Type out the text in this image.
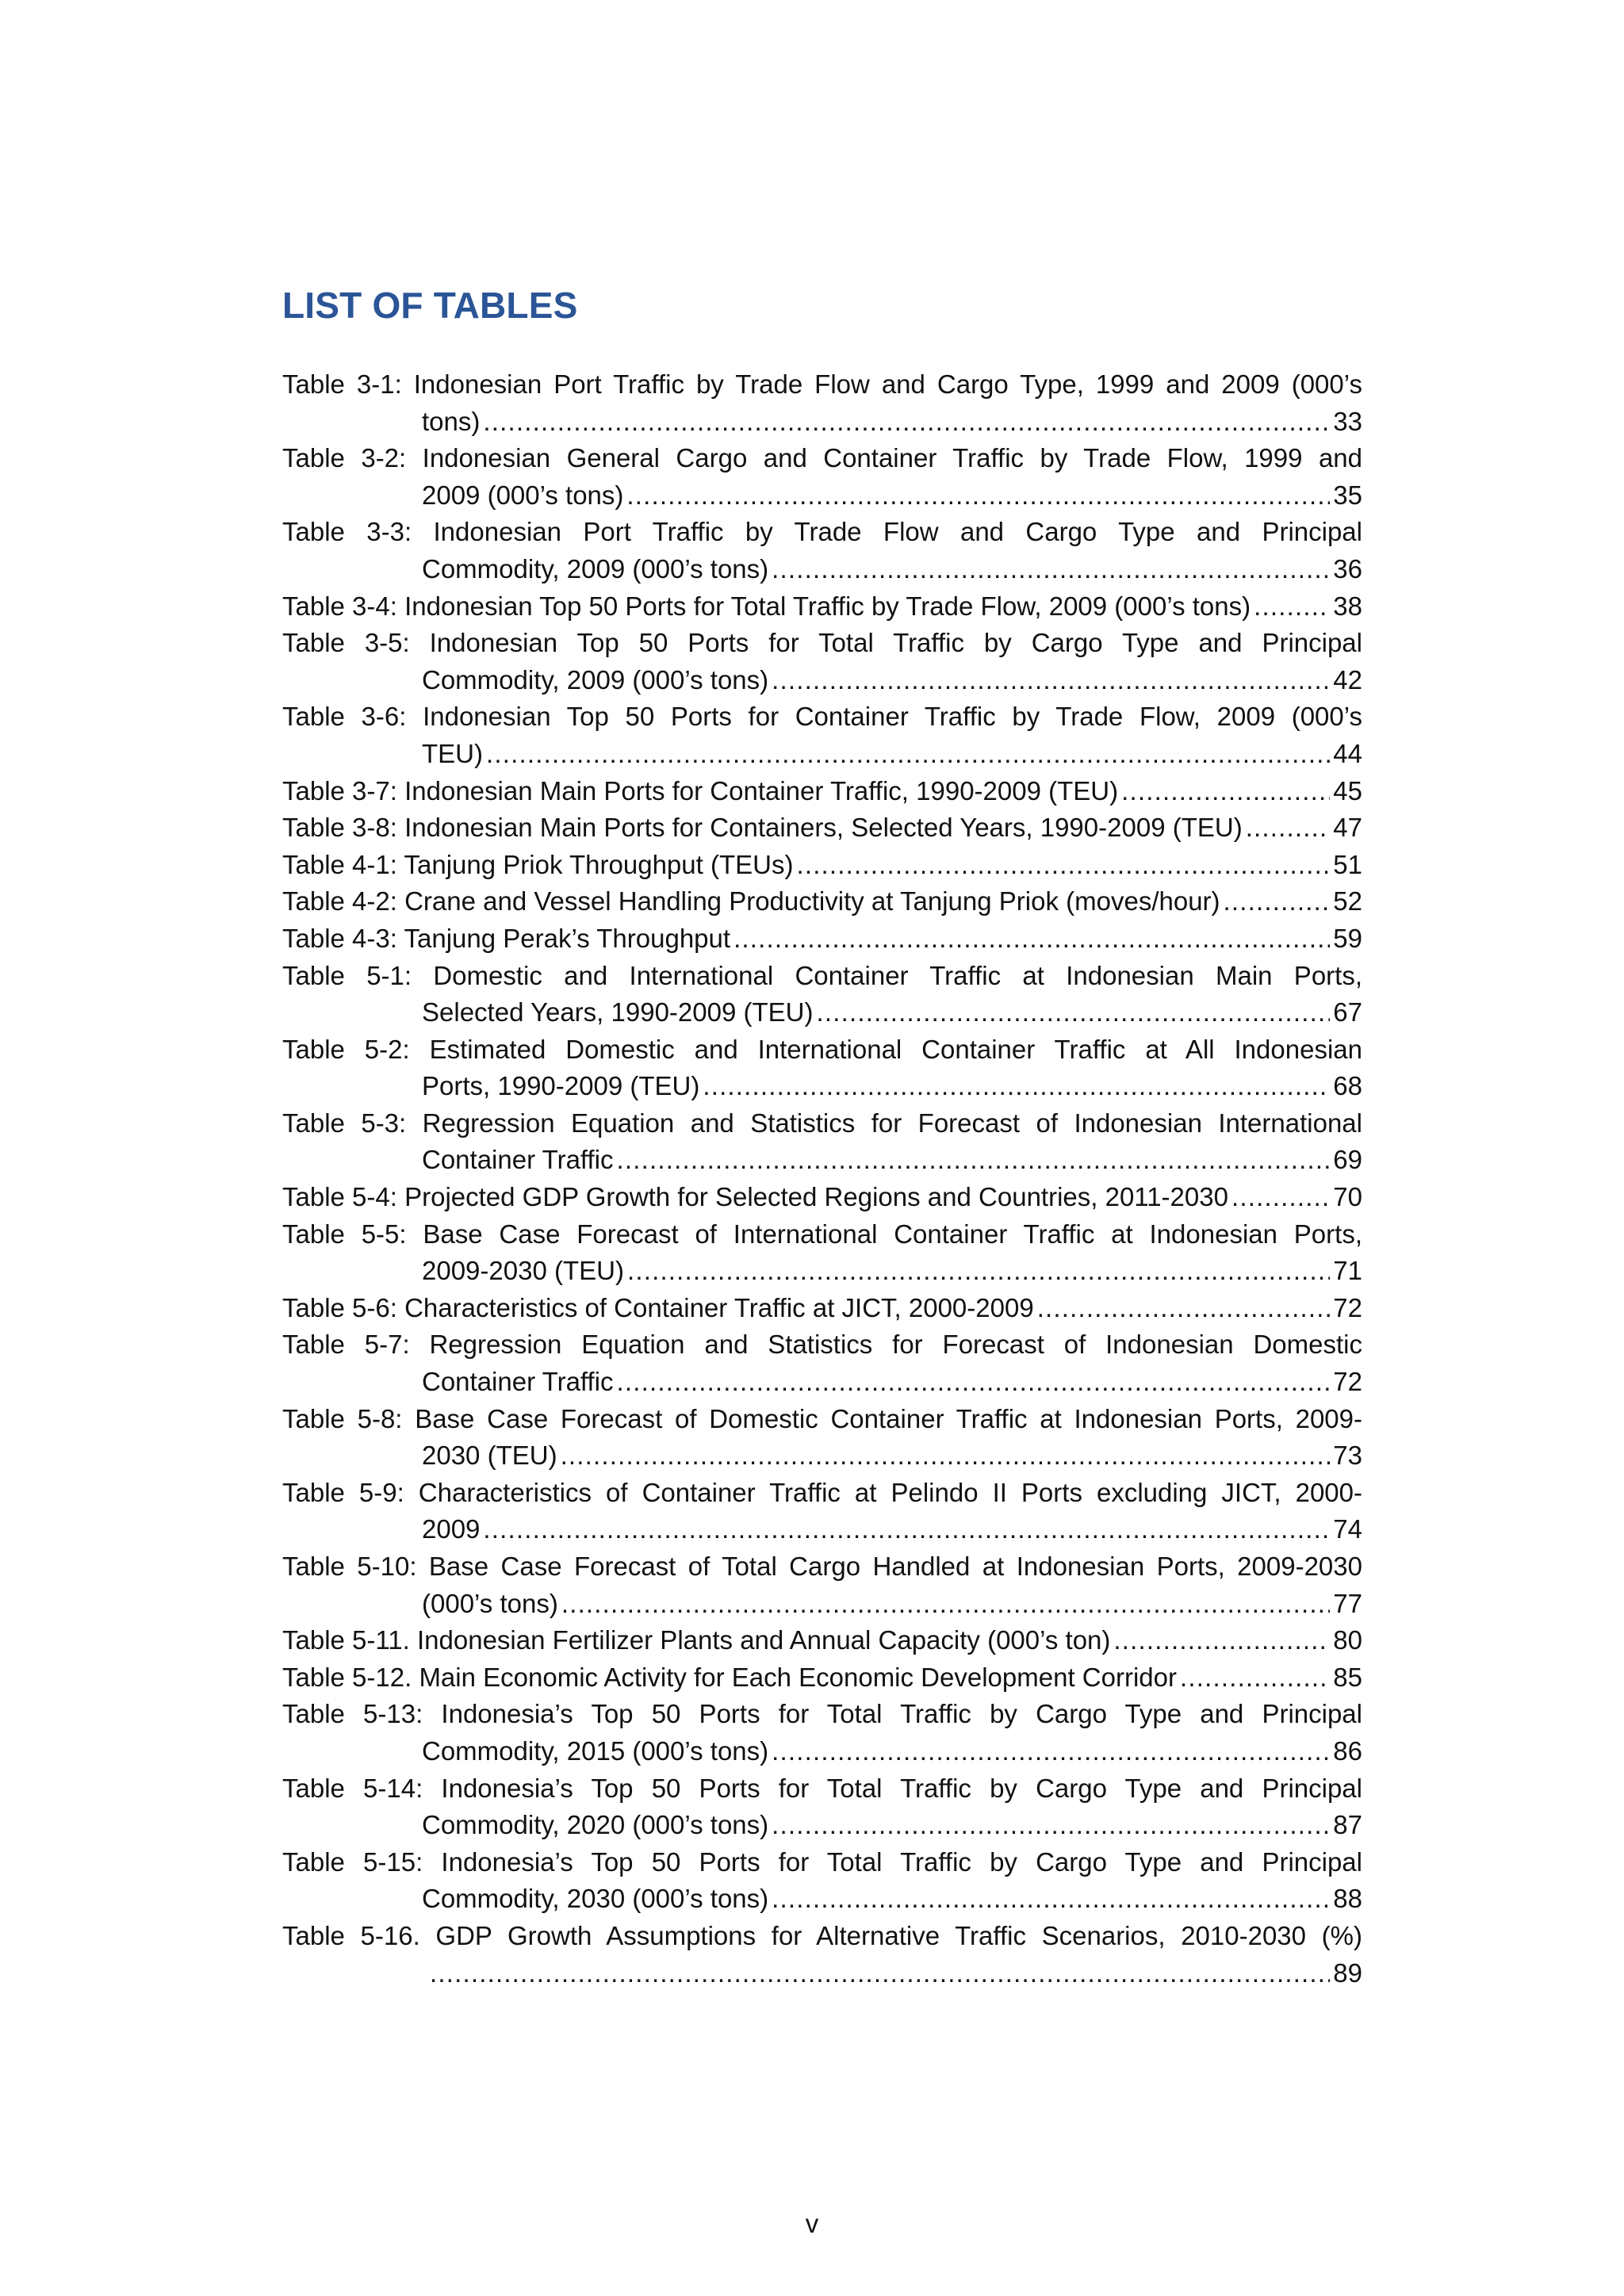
LIST OF TABLES
Table 3-1: Indonesian Port Traffic by Trade Flow and Cargo Type, 1999 and 2009 (000’s
tons) .....	33
Table 3-2: Indonesian General Cargo and Container Traffic by Trade Flow, 1999 and
2009 (000’s tons) .....	35
Table 3-3: Indonesian Port Traffic by Trade Flow and Cargo Type and Principal
Commodity, 2009 (000’s tons) .....	36
Table 3-4: Indonesian Top 50 Ports for Total Traffic by Trade Flow, 2009 (000’s tons) .....	38
Table 3-5: Indonesian Top 50 Ports for Total Traffic by Cargo Type and Principal
Commodity, 2009 (000’s tons) .....	42
Table 3-6: Indonesian Top 50 Ports for Container Traffic by Trade Flow, 2009 (000’s
TEU) .....	44
Table 3-7: Indonesian Main Ports for Container Traffic, 1990-2009 (TEU) .....	45
Table 3-8: Indonesian Main Ports for Containers, Selected Years, 1990-2009 (TEU) .....	47
Table 4-1: Tanjung Priok Throughput (TEUs) .....	51
Table 4-2: Crane and Vessel Handling Productivity at Tanjung Priok (moves/hour) .....	52
Table 4-3: Tanjung Perak’s Throughput .....	59
Table 5-1: Domestic and International Container Traffic at Indonesian Main Ports,
Selected Years, 1990-2009 (TEU) .....	67
Table 5-2: Estimated Domestic and International Container Traffic at All Indonesian
Ports, 1990-2009 (TEU) .....	68
Table 5-3: Regression Equation and Statistics for Forecast of Indonesian International
Container Traffic .....	69
Table 5-4: Projected GDP Growth for Selected Regions and Countries, 2011-2030 .....	70
Table 5-5: Base Case Forecast of International Container Traffic at Indonesian Ports,
2009-2030 (TEU) .....	71
Table 5-6: Characteristics of Container Traffic at JICT, 2000-2009 .....	72
Table 5-7: Regression Equation and Statistics for Forecast of Indonesian Domestic
Container Traffic .....	72
Table 5-8: Base Case Forecast of Domestic Container Traffic at Indonesian Ports, 2009-
2030 (TEU) .....	73
Table 5-9: Characteristics of Container Traffic at Pelindo II Ports excluding JICT, 2000-
2009 .....	74
Table 5-10: Base Case Forecast of Total Cargo Handled at Indonesian Ports, 2009-2030
(000’s tons) .....	77
Table 5-11. Indonesian Fertilizer Plants and Annual Capacity (000’s ton) .....	80
Table 5-12. Main Economic Activity for Each Economic Development Corridor .....	85
Table 5-13: Indonesia’s Top 50 Ports for Total Traffic by Cargo Type and Principal
Commodity, 2015 (000’s tons) .....	86
Table 5-14: Indonesia’s Top 50 Ports for Total Traffic by Cargo Type and Principal
Commodity, 2020 (000’s tons) .....	87
Table 5-15: Indonesia’s Top 50 Ports for Total Traffic by Cargo Type and Principal
Commodity, 2030 (000’s tons) .....	88
Table 5-16. GDP Growth Assumptions for Alternative Traffic Scenarios, 2010-2030 (%)
.....
89
v
